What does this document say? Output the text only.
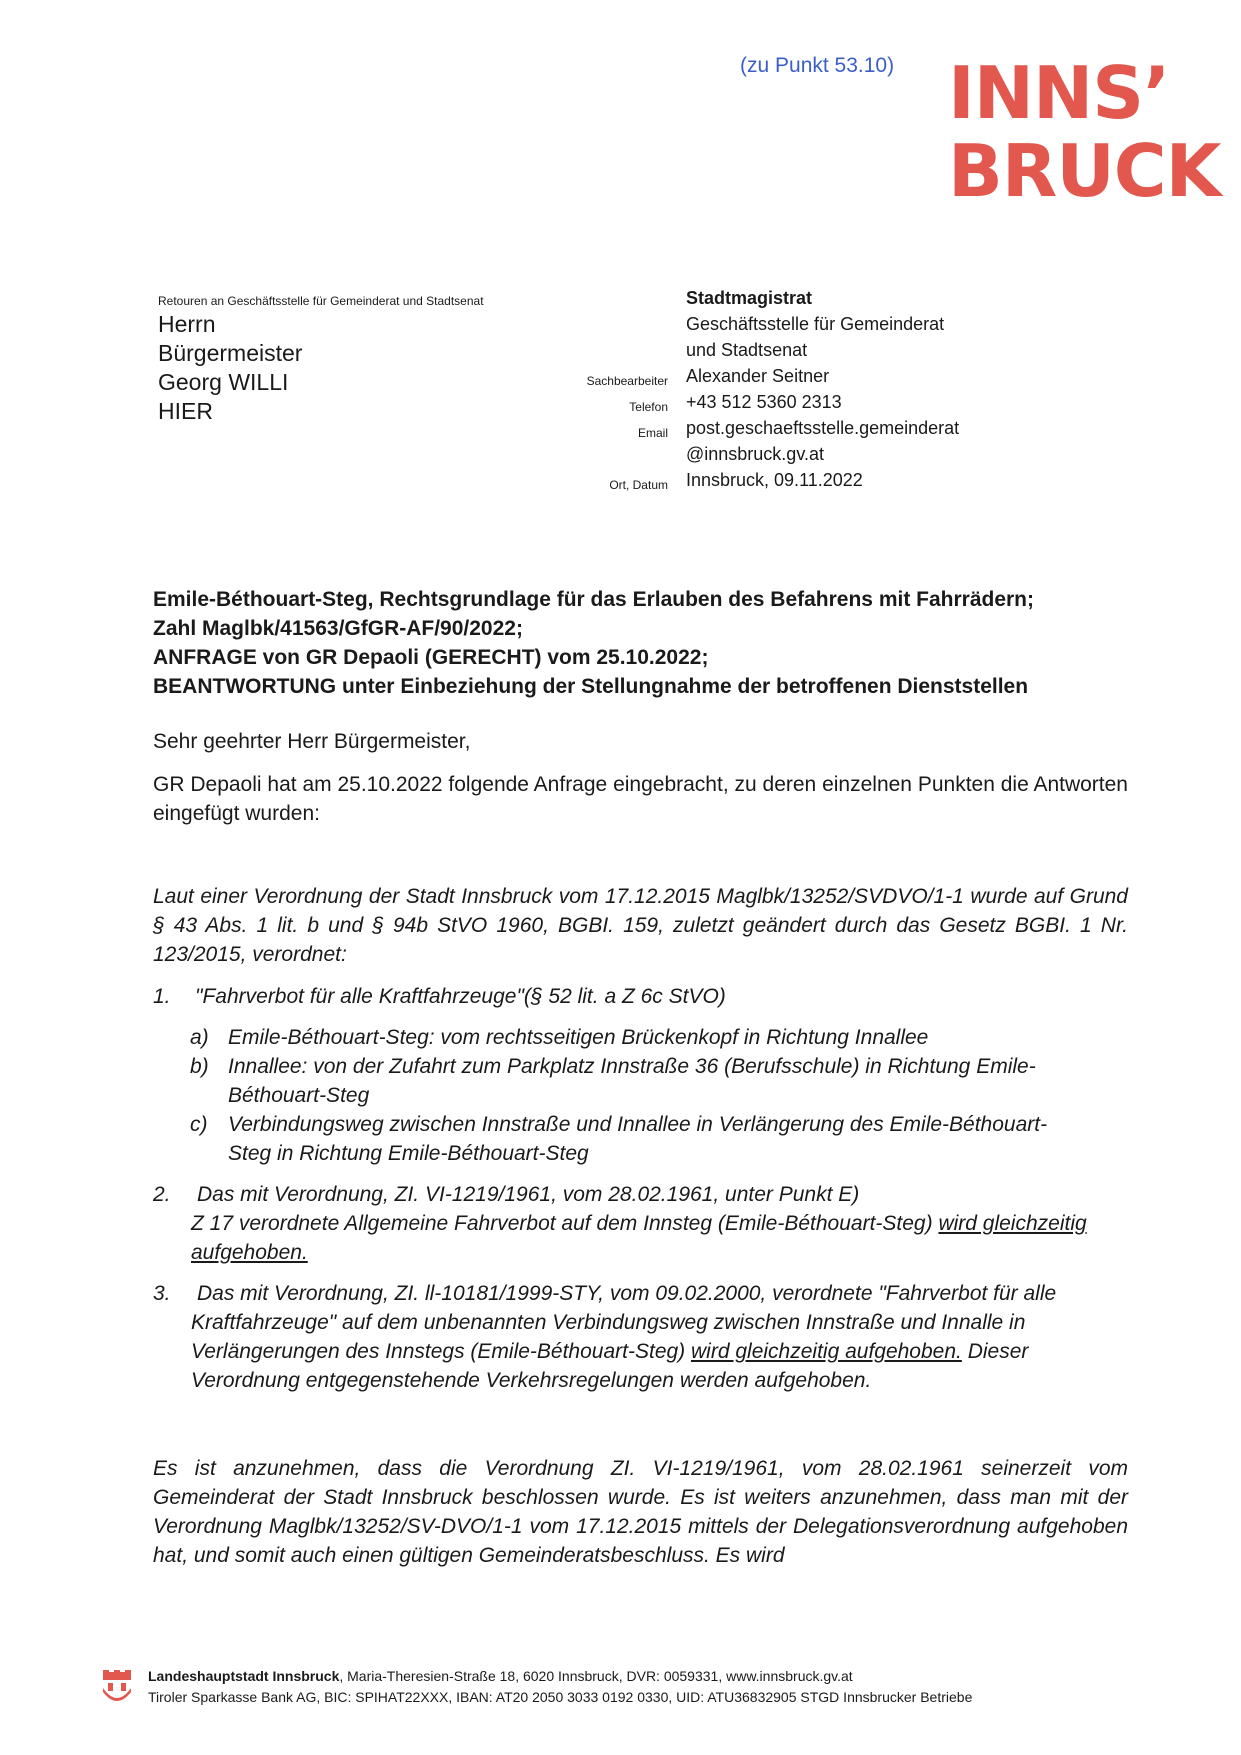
(zu Punkt 53.10) INNS’
BRUCK
Retouren an Geschäftsstelle für Gemeinderat und Stadtsenat
Herrn
Bürgermeister
Georg WILLI
HIER
Stadtmagistrat
Geschäftsstelle für Gemeinderat
und Stadtsenat
Sachbearbeiter Alexander Seitner
Telefon +43 512 5360 2313
Email post.geschaeftsstelle.gemeinderat
@innsbruck.gv.at
Ort, Datum Innsbruck, 09.11.2022
Emile-Béthouart-Steg, Rechtsgrundlage für das Erlauben des Befahrens mit Fahrrädern;
Zahl Maglbk/41563/GfGR-AF/90/2022;
ANFRAGE von GR Depaoli (GERECHT) vom 25.10.2022;
BEANTWORTUNG unter Einbeziehung der Stellungnahme der betroffenen Dienststellen
Sehr geehrter Herr Bürgermeister,
GR Depaoli hat am 25.10.2022 folgende Anfrage eingebracht, zu deren einzelnen Punkten die Antworten eingefügt wurden:
Laut einer Verordnung der Stadt Innsbruck vom 17.12.2015 Maglbk/13252/SVDVO/1-1 wurde auf Grund § 43 Abs. 1 lit. b und § 94b StVO 1960, BGBI. 159, zuletzt geändert durch das Gesetz BGBI. 1 Nr. 123/2015, verordnet:
1. "Fahrverbot für alle Kraftfahrzeuge"(§ 52 lit. a Z 6c StVO)
a) Emile-Béthouart-Steg: vom rechtsseitigen Brückenkopf in Richtung Innallee
b) Innallee: von der Zufahrt zum Parkplatz Innstraße 36 (Berufsschule) in Richtung Emile-Béthouart-Steg
c) Verbindungsweg zwischen Innstraße und Innallee in Verlängerung des Emile-Béthouart-Steg in Richtung Emile-Béthouart-Steg
2. Das mit Verordnung, ZI. VI-1219/1961, vom 28.02.1961, unter Punkt E)
Z 17 verordnete Allgemeine Fahrverbot auf dem Innsteg (Emile-Béthouart-Steg) wird gleichzeitig aufgehoben.
3. Das mit Verordnung, ZI. ll-10181/1999-STY, vom 09.02.2000, verordnete "Fahrverbot für alle Kraftfahrzeuge" auf dem unbenannten Verbindungsweg zwischen Innstraße und Innalle in Verlängerungen des Innstegs (Emile-Béthouart-Steg) wird gleichzeitig aufgehoben. Dieser Verordnung entgegenstehende Verkehrsregelungen werden aufgehoben.
Es ist anzunehmen, dass die Verordnung ZI. VI-1219/1961, vom 28.02.1961 seinerzeit vom Gemeinderat der Stadt Innsbruck beschlossen wurde. Es ist weiters anzunehmen, dass man mit der Verordnung Maglbk/13252/SV-DVO/1-1 vom 17.12.2015 mittels der Delegationsverordnung aufgehoben hat, und somit auch einen gültigen Gemeinderatsbeschluss. Es wird
Landeshauptstadt Innsbruck, Maria-Theresien-Straße 18, 6020 Innsbruck, DVR: 0059331, www.innsbruck.gv.at
Tiroler Sparkasse Bank AG, BIC: SPIHAT22XXX, IBAN: AT20 2050 3033 0192 0330, UID: ATU36832905 STGD Innsbrucker Betriebe
